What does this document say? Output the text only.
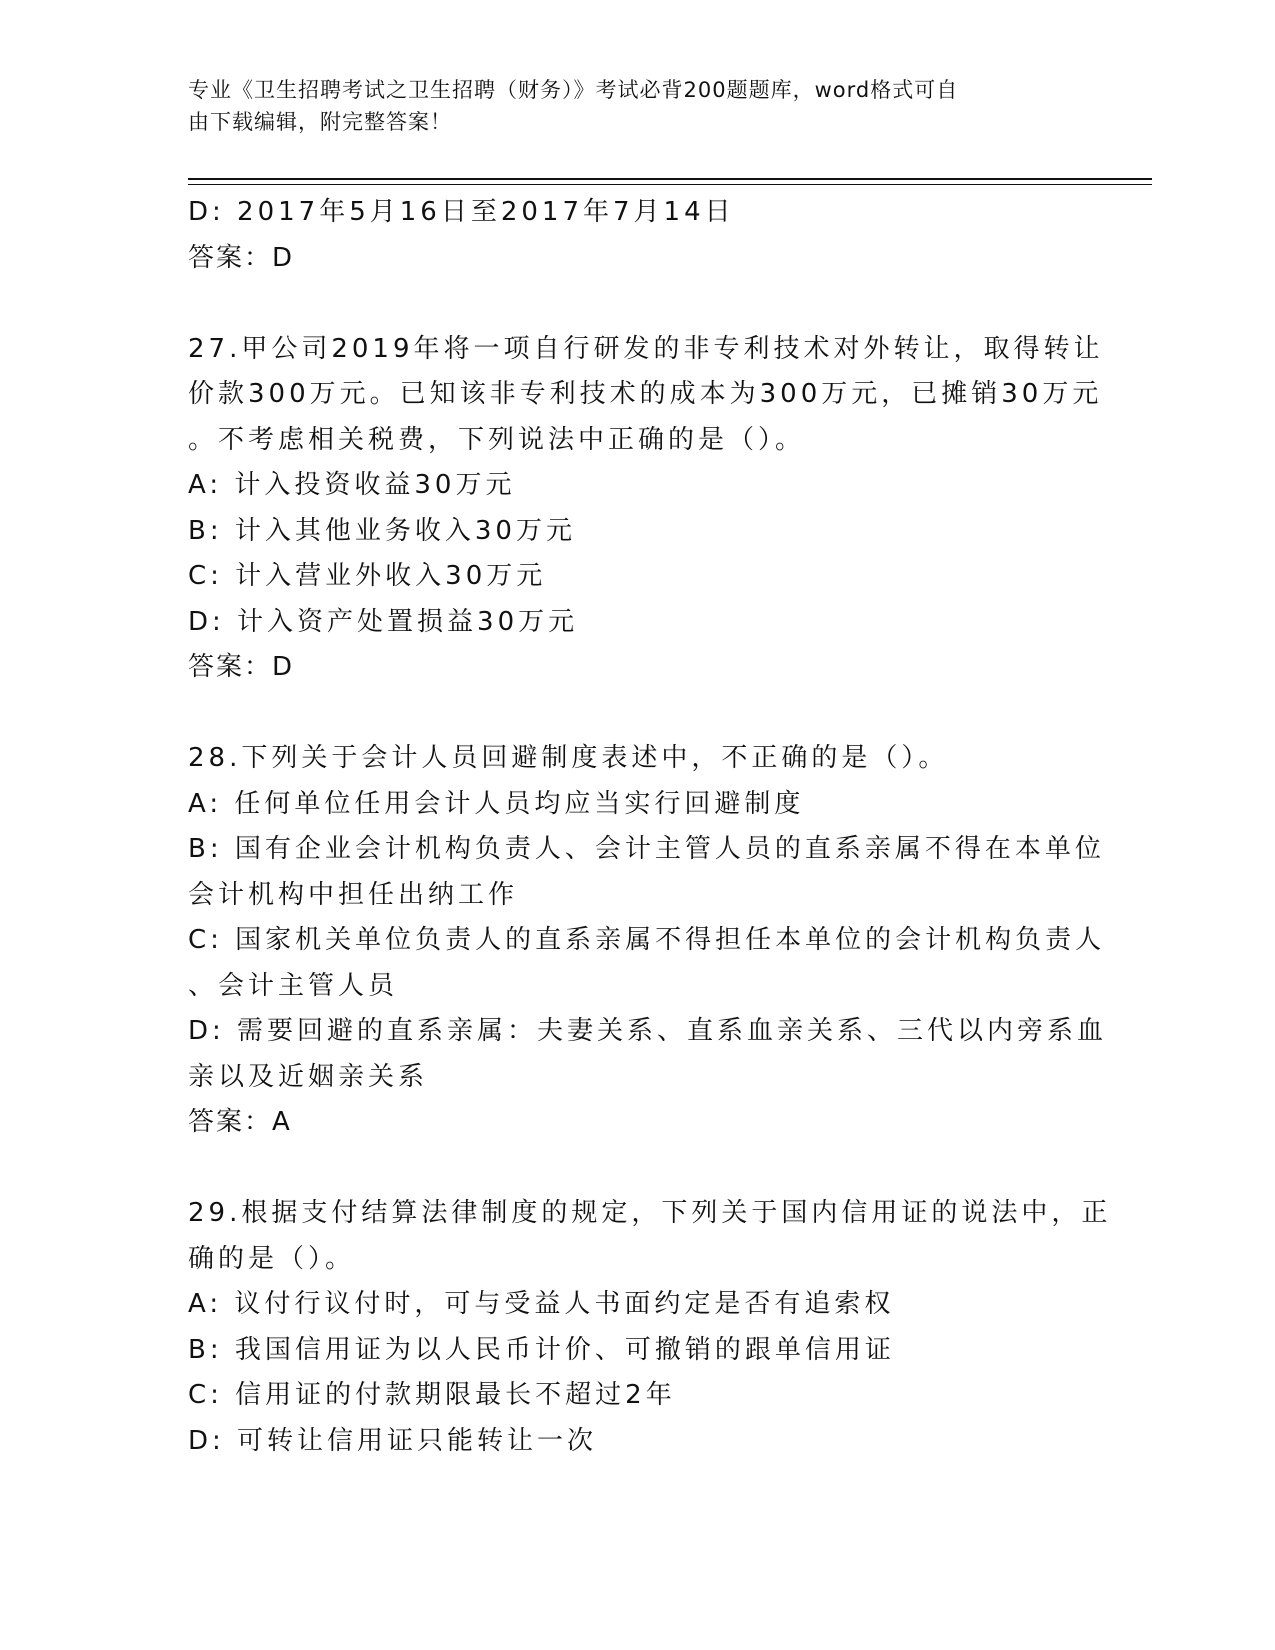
专业《卫生招聘考试之卫生招聘（财务）》考试必背200题题库，word格式可自
由下载编辑，附完整答案！
D: 2017年5月16日至2017年7月14日
答案：D
27.甲公司2019年将一项自行研发的非专利技术对外转让，取得转让
价款300万元。已知该非专利技术的成本为300万元，已摊销30万元
。不考虑相关税费，下列说法中正确的是（）。
A: 计入投资收益30万元
B: 计入其他业务收入30万元
C: 计入营业外收入30万元
D: 计入资产处置损益30万元
答案：D
28.下列关于会计人员回避制度表述中，不正确的是（）。
A: 任何单位任用会计人员均应当实行回避制度
B: 国有企业会计机构负责人、会计主管人员的直系亲属不得在本单位
会计机构中担任出纳工作
C: 国家机关单位负责人的直系亲属不得担任本单位的会计机构负责人
、会计主管人员
D: 需要回避的直系亲属：夫妻关系、直系血亲关系、三代以内旁系血
亲以及近姻亲关系
答案：A
29.根据支付结算法律制度的规定，下列关于国内信用证的说法中，正
确的是（）。
A: 议付行议付时，可与受益人书面约定是否有追索权
B: 我国信用证为以人民币计价、可撤销的跟单信用证
C: 信用证的付款期限最长不超过2年
D: 可转让信用证只能转让一次
